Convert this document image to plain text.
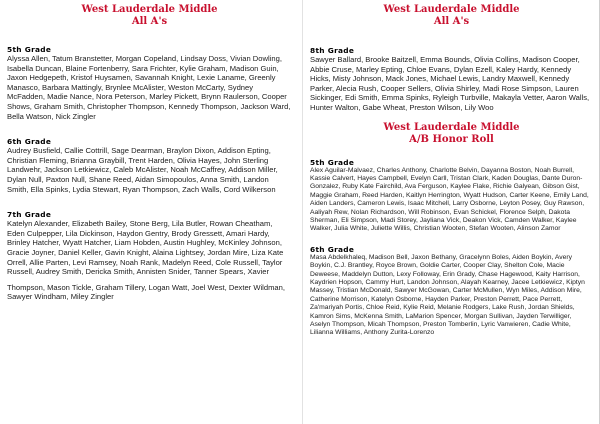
West Lauderdale Middle

All A's

5th Grade

Alyssa Allen, Tatum Branstetter, Morgan Copeland, Lindsay Doss, Vivian Dowling, Isabella Duncan, Blaine Fortenberry, Sara Frichter, Kylie Graham, Madison Guin, Jaxon Hedgepeth, Kristof Huysamen, Savannah Knight, Lexie Laname, Greenly Manasco, Barbara Mattingly, Brynlee McAlister, Weston McCarty, Sydney McFadden, Madie Nance, Nora Peterson, Marley Pickett, Brynn Raulerson, Cooper Shows, Graham Smith, Christopher Thompson, Kennedy Thompson, Jackson Ward, Bella Watson, Nick Zingler

6th Grade

Audrey Busfield, Callie Cottrill, Sage Dearman, Braylon Dixon, Addison Epting, Christian Fleming, Brianna Graybill, Trent Harden, Olivia Hayes, John Sterling Landwehr, Jackson Letkiewicz, Caleb McAlister, Noah McCaffrey, Addison Miller, Dylan Null, Paxton Null, Shane Reed, Aidan Simopoulos, Anna Smith, Landon Smith, Ella Spinks, Lydia Stewart, Ryan Thompson, Zach Walls, Cord Wilkerson

7th Grade

Katelyn Alexander, Elizabeth Bailey, Stone Berg, Lila Butler, Rowan Cheatham, Eden Culpepper, Lila Dickinson, Haydon Gentry, Brody Gressett, Amari Hardy, Brinley Hatcher, Wyatt Hatcher, Liam Hobden, Austin Hughley, McKinley Johnson, Gracie Joyner, Daniel Keller, Gavin Knight, Alaina Lightsey, Jordan Mire, Liza Kate Orrell, Allie Parten, Levi Ramsey, Noah Rank, Madelyn Reed, Cole Russell, Taylor Russell, Audrey Smith, Dericka Smith, Annisten Snider, Tanner Spears, Xavier

Thompson, Mason Tickle, Graham Tillery, Logan Watt, Joel West, Dexter Wildman, Sawyer Windham, Miley Zingler

West Lauderdale Middle

All A's

8th Grade

Sawyer Ballard, Brooke Baitzell, Emma Bounds, Olivia Collins, Madison Cooper, Abbie Cruse, Marley Epting, Chloe Evans, Dylan Ezell, Kaley Hardy, Kennedy Hicks, Misty Johnson, Mack Jones, Michael Lewis, Landry Maxwell, Kennedy Parker, Alecia Rush, Cooper Sellers, Olivia Shirley, Madi Rose Simpson, Lauren Sickinger, Edi Smith, Emma Spinks, Ryleigh Turbville, Makayla Vetter, Aaron Walls, Hunter Walton, Gabe Wheat, Preston Wilson, Lily Woo

West Lauderdale Middle

A/B Honor Roll

5th Grade

Alex Aguilar-Malvaez, Charles Anthony, Charlotte Belvin, Dayanna Boston, Noah Burrell, Kassie Calvert, Hayes Campbell, Evelyn Carll, Tristan Clark, Kaden Douglas, Dante Duron-Gonzalez, Ruby Kate Fairchild, Ava Ferguson, Kaylee Flake, Richie Galyean, Gibson Gist, Maggie Graham, Reed Harden, Kaitlyn Herrington, Wyatt Hudson, Carter Keene, Emily Land, Aiden Landers, Cameron Lewis, Isaac Mitchell, Larry Osborne, Leyton Posey, Guy Rawson, Aaliyah Rew, Nolan Richardson, Will Robinson, Evan Schickel, Florence Selph, Dakota Sherman, Eli Simpson, Madi Storey, Jayliana Vick, Deakon Vick, Camden Walker, Kaylee Walker, Julia White, Juliette Willis, Christian Wooten, Stefan Wooten, Alinson Zamor

6th Grade

Masa Abdelkhaleq, Madison Bell, Jaxon Bethany, Gracelynn Boles, Aiden Boykin, Avery Boykin, C.J. Brantley, Royce Brown, Goldie Carter, Cooper Clay, Shelton Cole, Macie Deweese, Maddelyn Dutton, Lexy Followay, Erin Grady, Chase Hagewood, Kaity Harrison, Kaydrien Hopson, Cammy Hurt, Landon Johnson, Alayah Kearney, Jacee Letkiewicz, Kiptyn Massey, Tristian McDonald, Sawyer McGowan, Carter McMullen, Wyn Miles, Addison Mire, Catherine Morrison, Katelyn Osborne, Hayden Parker, Preston Perrett, Pace Perrett, Za'mariyah Portis, Chloe Reid, Kylie Reid, Melanie Rodgers, Lake Rush, Jordan Shields, Kamron Sims, McKenna Smith, LaMarion Spencer, Morgan Sullivan, Jayden Terwilliger, Aselyn Thompson, Micah Thompson, Preston Tomberlin, Lyric Vanwieren, Cadie White, Lilianna Williams, Anthony Zurita-Lorenzo
